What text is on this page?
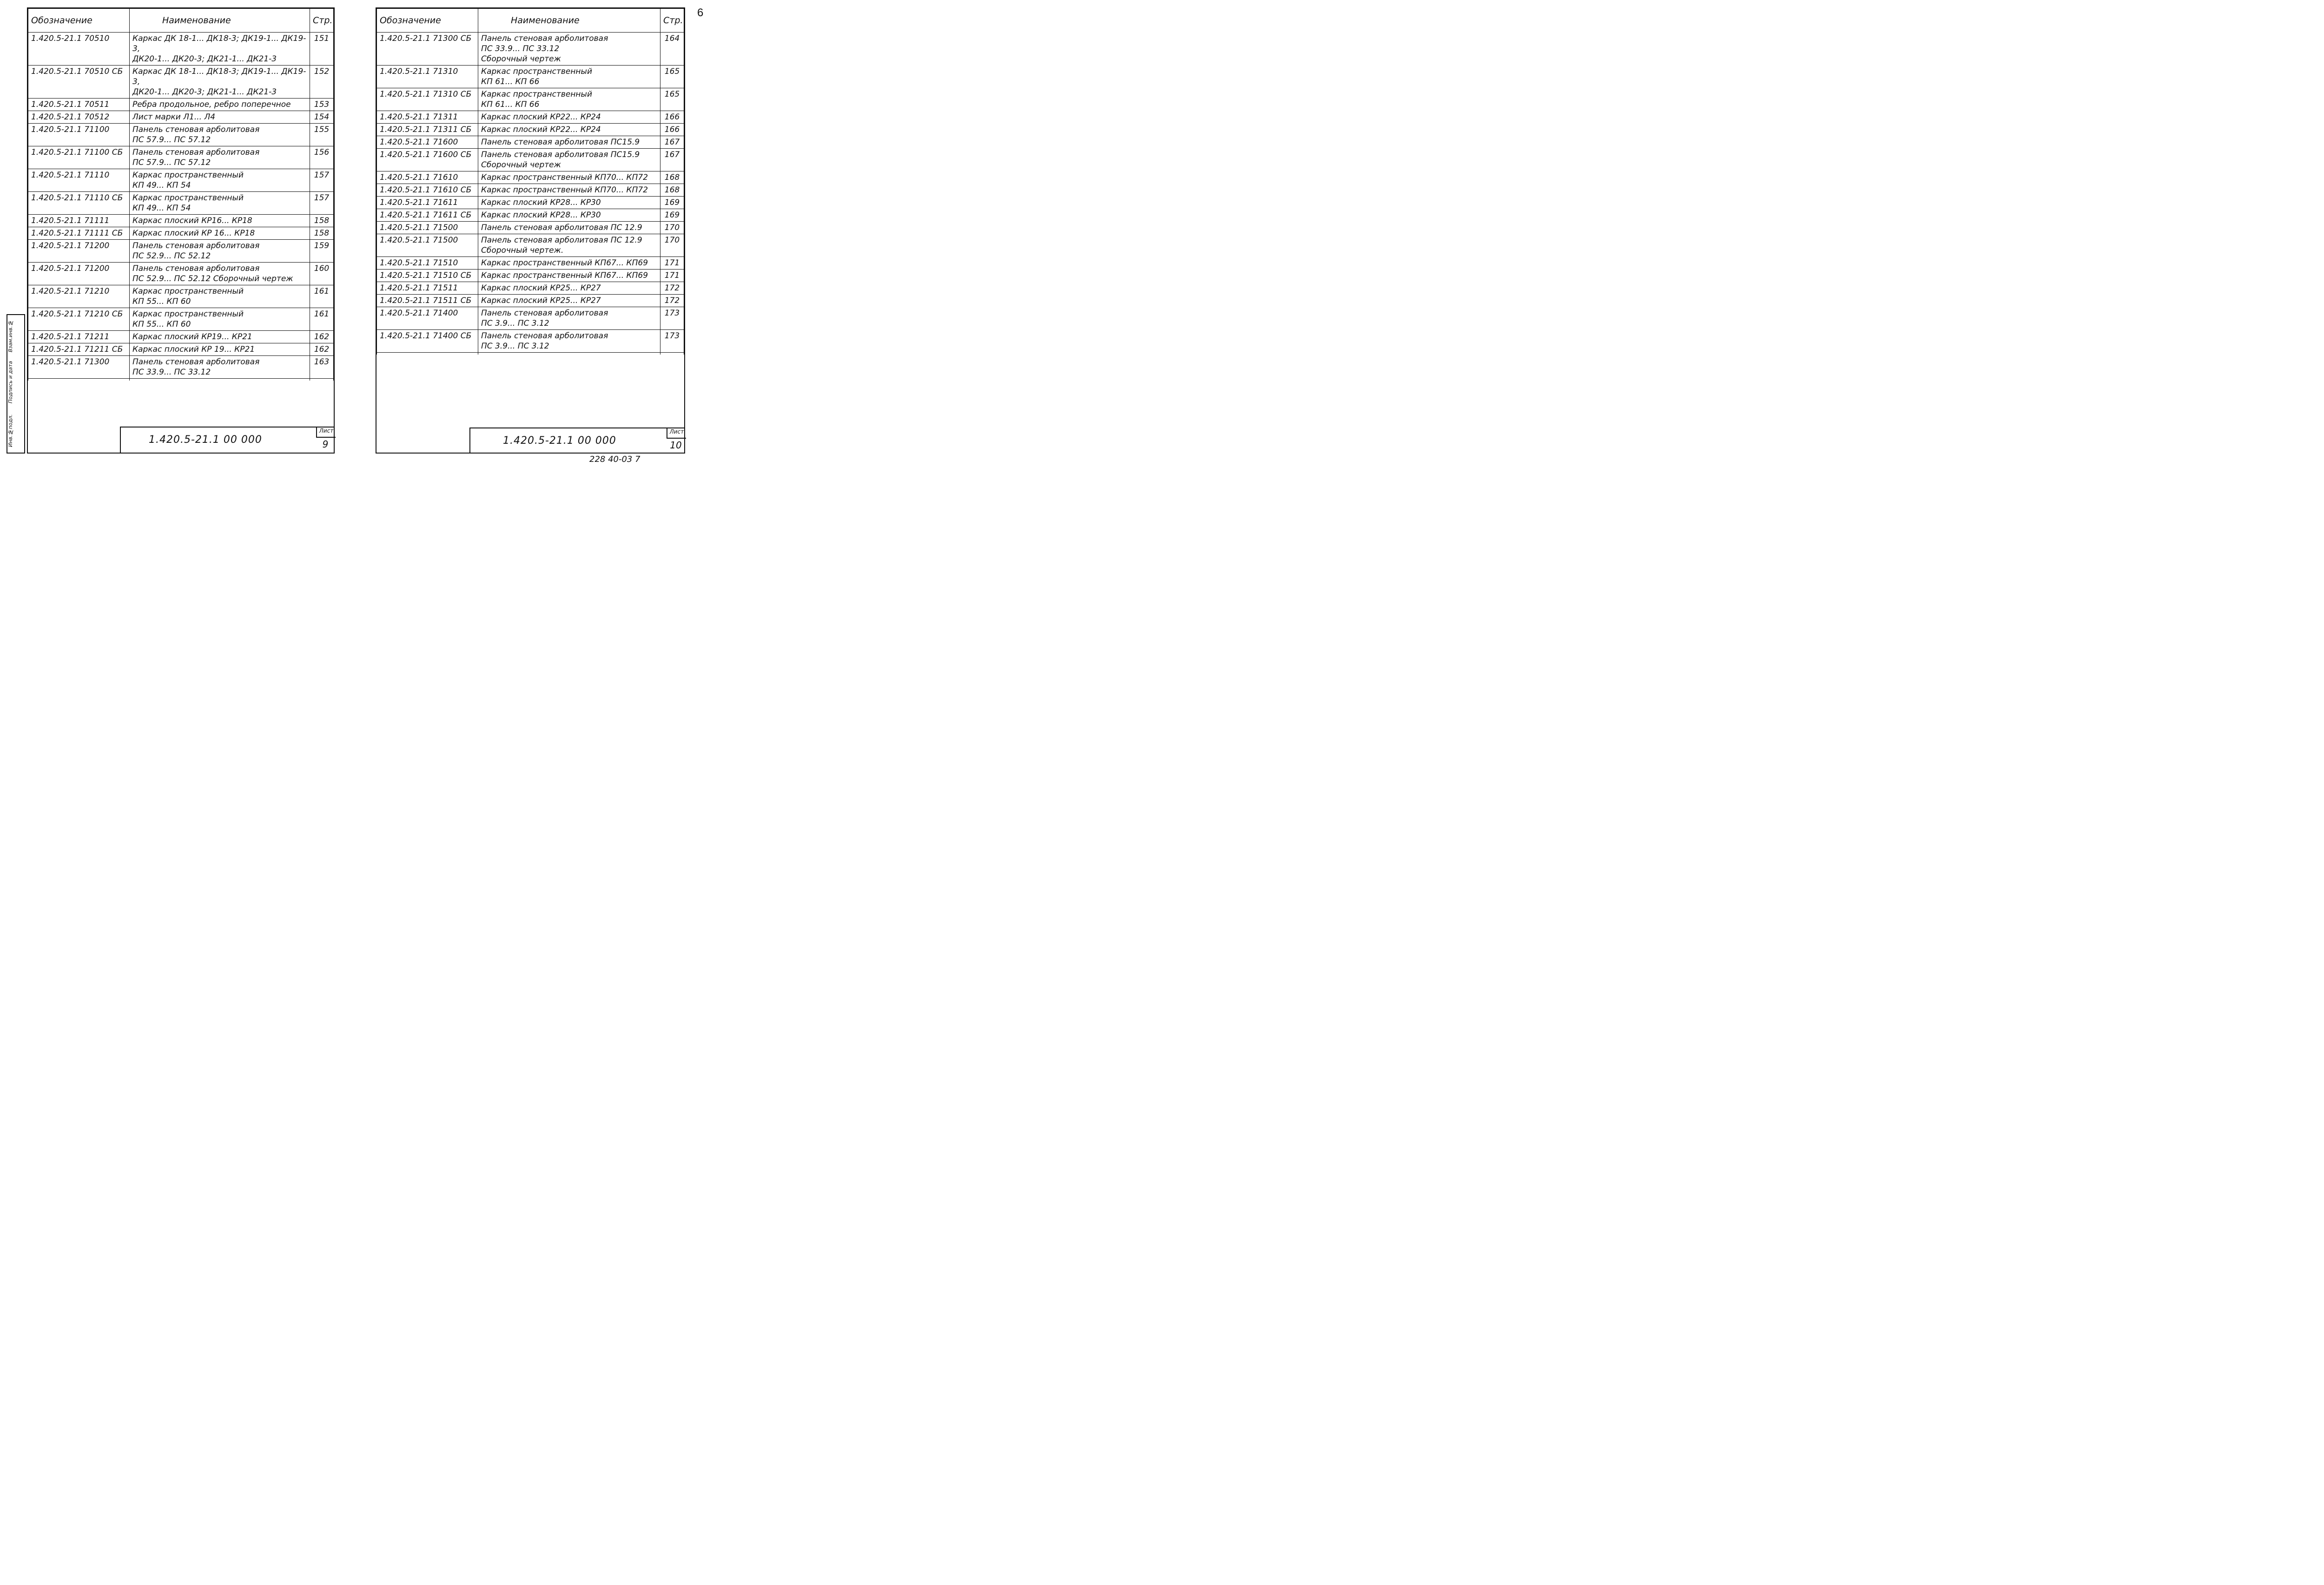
6
Инв.№подл.
Подпись и дата
Взам.инв.№
Обозначение	Наименование	Стр.
1.420.5-21.1 70510	Каркас ДК 18-1... ДК18-3; ДК19-1... ДК19-3,
ДК20-1... ДК20-3; ДК21-1... ДК21-3	151
1.420.5-21.1 70510 СБ	Каркас ДК 18-1... ДК18-3; ДК19-1... ДК19-3,
ДК20-1... ДК20-3; ДК21-1... ДК21-3	152
1.420.5-21.1 70511	Ребра продольное, ребро поперечное	153
1.420.5-21.1 70512	Лист марки Л1... Л4	154
1.420.5-21.1 71100	Панель стеновая арболитовая
ПС 57.9... ПС 57.12	155
1.420.5-21.1 71100 СБ	Панель стеновая арболитовая
ПС 57.9... ПС 57.12	156
1.420.5-21.1 71110	Каркас пространственный
КП 49... КП 54	157
1.420.5-21.1 71110 СБ	Каркас пространственный
КП 49... КП 54	157
1.420.5-21.1 71111	Каркас плоский КР16... КР18	158
1.420.5-21.1 71111 СБ	Каркас плоский КР 16... КР18	158
1.420.5-21.1 71200	Панель стеновая арболитовая
ПС 52.9... ПС 52.12	159
1.420.5-21.1 71200	Панель стеновая арболитовая
ПС 52.9... ПС 52.12 Сборочный чертеж	160
1.420.5-21.1 71210	Каркас пространственный
КП 55... КП 60	161
1.420.5-21.1 71210 СБ	Каркас пространственный
КП 55... КП 60	161
1.420.5-21.1 71211	Каркас плоский КР19... КР21	162
1.420.5-21.1 71211 СБ	Каркас плоский КР 19... КР21	162
1.420.5-21.1 71300	Панель стеновая арболитовая
ПС 33.9... ПС 33.12	163

1.420.5-21.1 00 000
Лист
9
Обозначение	Наименование	Стр.
1.420.5-21.1 71300 СБ	Панель стеновая арболитовая
ПС 33.9... ПС 33.12
Сборочный чертеж	164
1.420.5-21.1 71310	Каркас пространственный
КП 61... КП 66	165
1.420.5-21.1 71310 СБ	Каркас пространственный
КП 61... КП 66	165
1.420.5-21.1 71311	Каркас плоский КР22... КР24	166
1.420.5-21.1 71311 СБ	Каркас плоский КР22... КР24	166
1.420.5-21.1 71600	Панель стеновая арболитовая ПС15.9	167
1.420.5-21.1 71600 СБ	Панель стеновая арболитовая ПС15.9
Сборочный чертеж	167
1.420.5-21.1 71610	Каркас пространственный КП70... КП72	168
1.420.5-21.1 71610 СБ	Каркас пространственный КП70... КП72	168
1.420.5-21.1 71611	Каркас плоский КР28... КР30	169
1.420.5-21.1 71611 СБ	Каркас плоский КР28... КР30	169
1.420.5-21.1 71500	Панель стеновая арболитовая ПС 12.9	170
1.420.5-21.1 71500	Панель стеновая арболитовая ПС 12.9
Сборочный чертеж.	170
1.420.5-21.1 71510	Каркас пространственный КП67... КП69	171
1.420.5-21.1 71510 СБ	Каркас пространственный КП67... КП69	171
1.420.5-21.1 71511	Каркас плоский КР25... КР27	172
1.420.5-21.1 71511 СБ	Каркас плоский КР25... КР27	172
1.420.5-21.1 71400	Панель стеновая арболитовая
ПС 3.9... ПС 3.12	173
1.420.5-21.1 71400 СБ	Панель стеновая арболитовая
ПС 3.9... ПС 3.12	173

1.420.5-21.1 00 000
Лист
10
228 40-03 7
